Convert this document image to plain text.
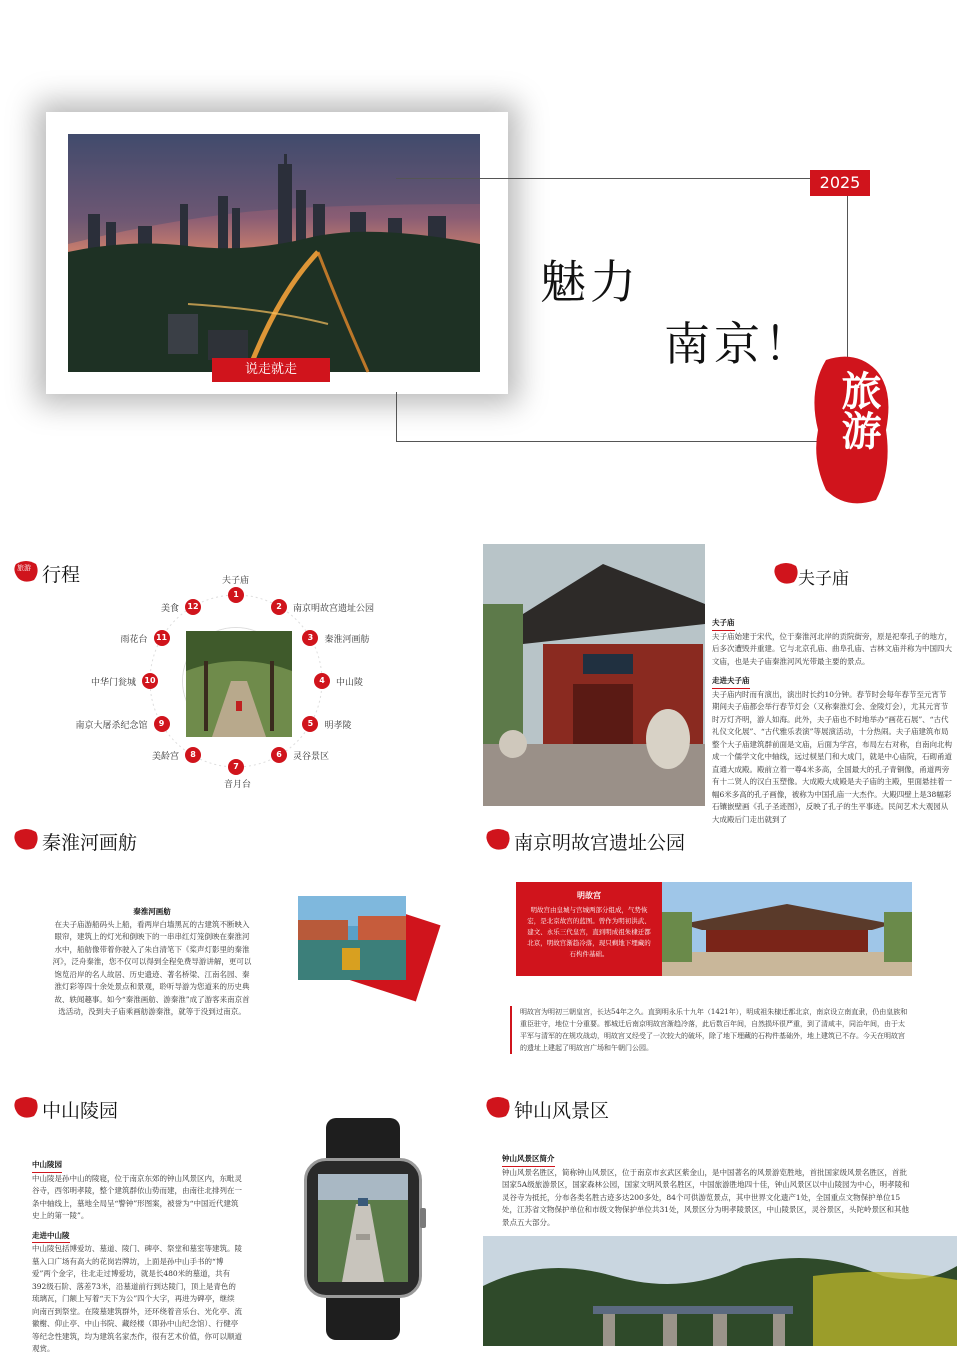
说走就走
2025
魅力
南京！
旅游
旅游 行程
1
夫子庙
2	南京明故宫遗址公园
3	秦淮河画舫
4	中山陵
5	明孝陵
6	灵谷景区
7
音月台
8
美龄宫
9
南京大屠杀纪念馆
10
中华门瓮城
11
雨花台
12
美食
夫子庙
夫子庙
夫子庙始建于宋代，位于秦淮河北岸的贡院街旁，原是祀奉孔子的地方，后多次遭毁并重建。它与北京孔庙、曲阜孔庙、吉林文庙并称为中国四大文庙，也是夫子庙秦淮河风光带最主要的景点。
走进夫子庙
夫子庙内时而有演出，演出时长约10分钟。春节时会每年春节至元宵节期间夫子庙都会举行春节灯会（又称秦淮灯会、金陵灯会），尤其元宵节时万灯齐明，游人如海。此外，夫子庙也不时地举办“画花石展”、“古代礼仪文化展”、“古代雅乐表演”等展演活动，十分热闹。夫子庙建筑布局整个大子庙建筑群前面是文庙，后面为学宫，布局左右对称，自南向北构成一个儒学文化中轴线，远过棂星门和大成门，就是中心庙院，石砌甬道直通大成殿。殿前立着一尊4米多高，全国最大的孔子青铜像，甬道两旁有十二贤人的汉白玉塑像。大成殿大成殿是夫子庙的主殿，里面悬挂着一幅6米多高的孔子画像，被称为中国孔庙一大杰作。大殿四壁上是38幅彩石镶嵌壁画《孔子圣迹图》，反映了孔子的生平事迹。民间艺术大观园从大成殿后门走出就到了
秦淮河画舫
秦淮河画舫
在夫子庙游船码头上船，看两岸白墙黑瓦的古建筑不断映入眼帘，建筑上的灯光和倒映下的一串串红灯笼倒映在秦淮河水中，船舫像带着你驶入了朱自清笔下《桨声灯影里的秦淮河》，泛舟秦淮，您不仅可以得到全程免费导游讲解，更可以饱览沿岸的名人故居、历史遗迹、著名桥梁、江南名园、秦淮灯彩等四十余处景点和景观，聆听导游为您道来的历史典故、轶闻趣事。如今“秦淮画舫、游秦淮”成了游客来南京首选活动，没到夫子庙乘画舫游秦淮，就等于没到过南京。
南京明故宫遗址公园
明故宫
明故宫由皇城与宫城两部分组成，气势恢宏，是北京故宫的蓝图。曾作为明初洪武、建文、永乐三代皇宫，直到明成祖朱棣迁都北京，明故宫渐趋冷落，现只剩地下埋藏的石构件基础。
明故宫为明初三朝皇宫，长达54年之久。直到明永乐十九年（1421年），明成祖朱棣迁都北京，南京设立南直隶，仍由皇族和重臣驻守，地位十分重要。都城迁后南京明故宫渐趋冷落，此后数百年间，自然损坏很严重，到了清咸丰，同治年间，由于太平军与清军的在规攻战动，明故宫又经受了一次较大的破坏，除了地下埋藏的石构件基础外，地上建筑已不存。今天在明故宫的遗址上建起了明故宫广场和午朝门公园。
中山陵园
中山陵园
中山陵是孙中山的陵寝，位于南京东郊的钟山风景区内，东毗灵谷寺，西邻明孝陵，整个建筑群依山势而建，由南往北排列在一条中轴线上，墓地全局呈“警钟”形图案，被誉为“中国近代建筑史上的第一陵”。
走进中山陵
中山陵包括博爱坊、墓道、陵门、碑亭、祭堂和墓室等建筑。陵墓入口广场有高大的花岗岩牌坊，上面是孙中山手书的“博爱”两个金字，往北走过博爱坊，就是长480米的墓道，共有392级石阶、落差73米，沿墓道前行到达陵门，顶上是青色的琉璃瓦，门额上写着“天下为公”四个大字，再进为碑亭，继续向南百到祭堂。在陵墓建筑群外，还环绕着音乐台、光化亭、流徽榭、仰止亭、中山书院、藏经楼（即孙中山纪念馆）、行健亭等纪念性建筑，均为建筑名家杰作，很有艺术价值，你可以顺道观赏。
钟山风景区
钟山风景区简介
钟山风景名胜区，简称钟山风景区，位于南京市玄武区紫金山，是中国著名的风景游览胜地，首批国家级风景名胜区，首批国家5A级旅游景区，国家森林公园，国家文明风景名胜区，中国旅游胜地四十佳，钟山风景区以中山陵园为中心，明孝陵和灵谷寺为抵托，分布各类名胜古迹多达200多处，84个可供游览景点，其中世界文化遗产1处，全国重点文物保护单位15处，江苏省文物保护单位和市级文物保护单位共31处，风景区分为明孝陵景区，中山陵景区，灵谷景区，头陀岭景区和其他景点五大部分。
